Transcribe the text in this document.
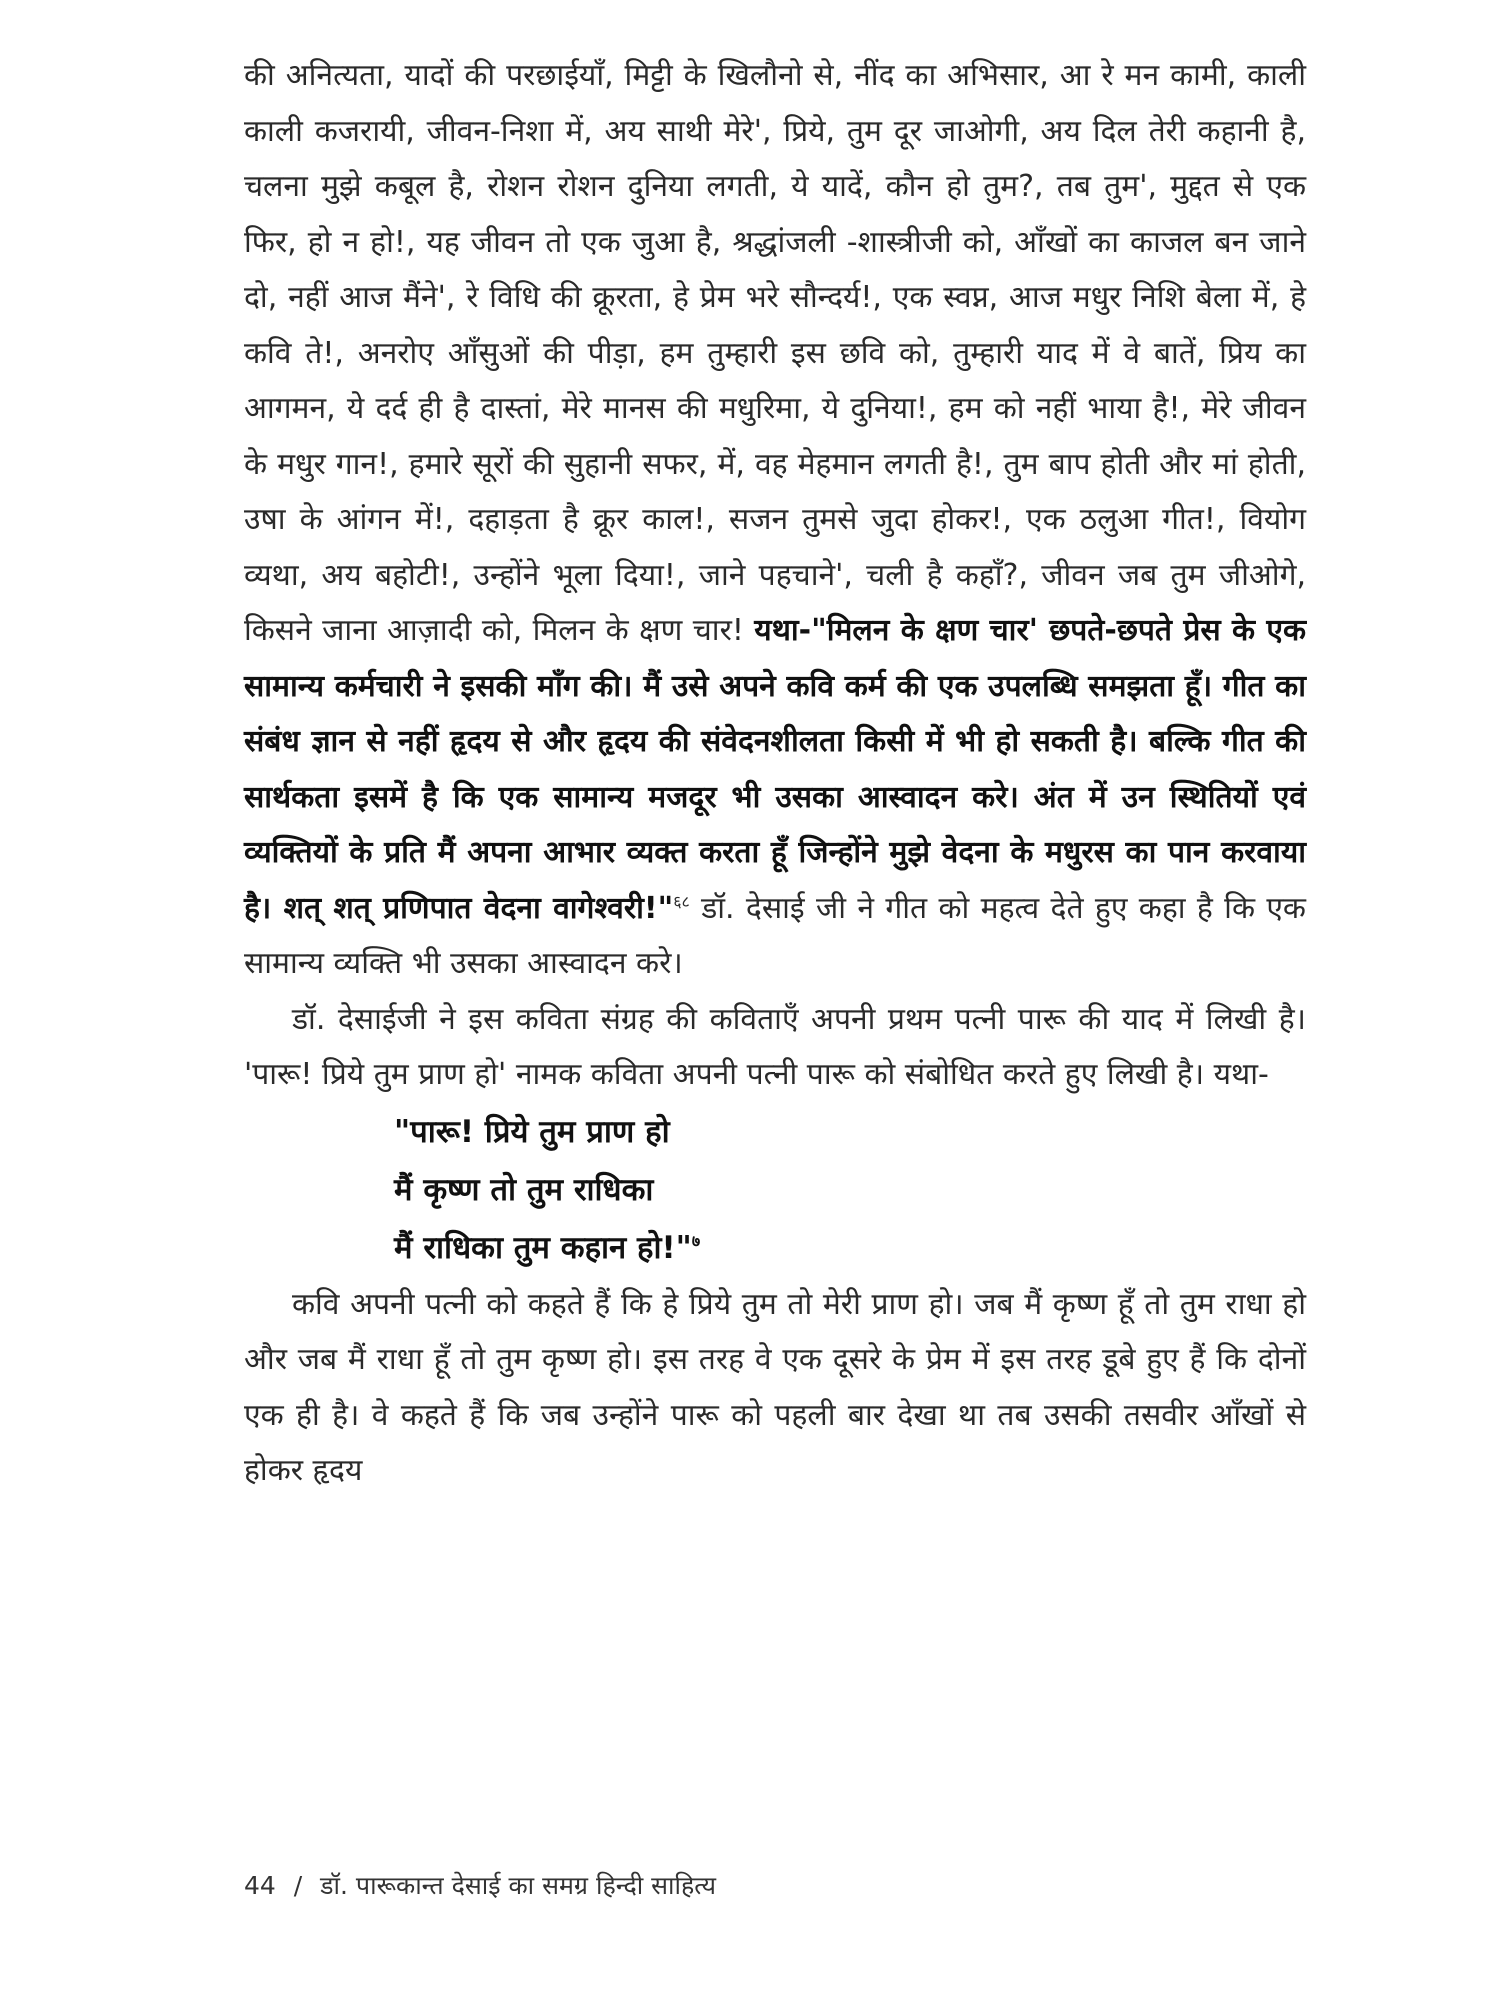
की अनित्यता, यादों की परछाईयाँ, मिट्टी के खिलौनो से, नींद का अभिसार, आ रे मन कामी, काली काली कजरायी, जीवन-निशा में, अय साथी मेरे', प्रिये, तुम दूर जाओगी, अय दिल तेरी कहानी है, चलना मुझे कबूल है, रोशन रोशन दुनिया लगती, ये यादें, कौन हो तुम?, तब तुम', मुद्दत से एक फिर, हो न हो!, यह जीवन तो एक जुआ है, श्रद्धांजली -शास्त्रीजी को, आँखों का काजल बन जाने दो, नहीं आज मैंने', रे विधि की क्रूरता, हे प्रेम भरे सौन्दर्य!, एक स्वप्न, आज मधुर निशि बेला में, हे कवि ते!, अनरोए आँसुओं की पीड़ा, हम तुम्हारी इस छवि को, तुम्हारी याद में वे बातें, प्रिय का आगमन, ये दर्द ही है दास्तां, मेरे मानस की मधुरिमा, ये दुनिया!, हम को नहीं भाया है!, मेरे जीवन के मधुर गान!, हमारे सूरों की सुहानी सफर, में, वह मेहमान लगती है!, तुम बाप होती और मां होती, उषा के आंगन में!, दहाड़ता है क्रूर काल!, सजन तुमसे जुदा होकर!, एक ठलुआ गीत!, वियोग व्यथा, अय बहोटी!, उन्होंने भूला दिया!, जाने पहचाने', चली है कहाँ?, जीवन जब तुम जीओगे, किसने जाना आज़ादी को, मिलन के क्षण चार! यथा-"मिलन के क्षण चार' छपते-छपते प्रेस के एक सामान्य कर्मचारी ने इसकी माँग की। मैं उसे अपने कवि कर्म की एक उपलब्धि समझता हूँ। गीत का संबंध ज्ञान से नहीं हृदय से और हृदय की संवेदनशीलता किसी में भी हो सकती है। बल्कि गीत की सार्थकता इसमें है कि एक सामान्य मजदूर भी उसका आस्वादन करे। अंत में उन स्थितियों एवं व्यक्तियों के प्रति मैं अपना आभार व्यक्त करता हूँ जिन्होंने मुझे वेदना के मधुरस का पान करवाया है। शत् शत् प्रणिपात वेदना वागेश्वरी!"$^{६८}$ डॉ. देसाई जी ने गीत को महत्व देते हुए कहा है कि एक सामान्य व्यक्ति भी उसका आस्वादन करे।

डॉ. देसाईजी ने इस कविता संग्रह की कविताएँ अपनी प्रथम पत्नी पारू की याद में लिखी है। 'पारू! प्रिये तुम प्राण हो' नामक कविता अपनी पत्नी पारू को संबोधित करते हुए लिखी है। यथा-

"पारू! प्रिये तुम प्राण हो
मैं कृष्ण तो तुम राधिका
मैं राधिका तुम कहान हो!"$^७$

कवि अपनी पत्नी को कहते हैं कि हे प्रिये तुम तो मेरी प्राण हो। जब मैं कृष्ण हूँ तो तुम राधा हो और जब मैं राधा हूँ तो तुम कृष्ण हो। इस तरह वे एक दूसरे के प्रेम में इस तरह डूबे हुए हैं कि दोनों एक ही है। वे कहते हैं कि जब उन्होंने पारू को पहली बार देखा था तब उसकी तसवीर आँखों से होकर हृदय

44 / डॉ. पारूकान्त देसाई का समग्र हिन्दी साहित्य
